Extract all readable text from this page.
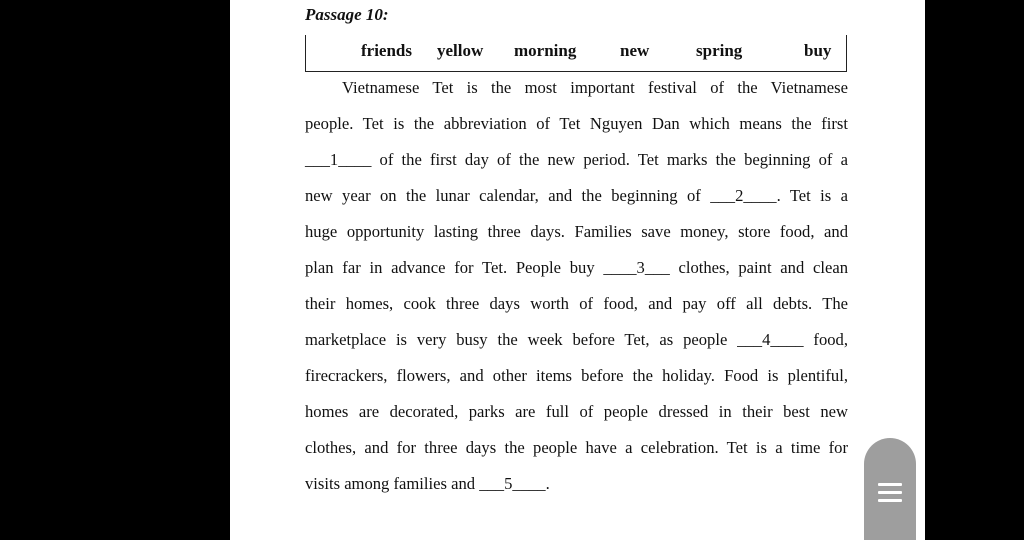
Passage 10:
friends yellow morning	new	spring	buy
Vietnamese Tet is the most important festival of the Vietnamese
people. Tet is the abbreviation of Tet Nguyen Dan which means the first
___1____ of the first day of the new period. Tet marks the beginning of a
new year on the lunar calendar, and the beginning of ___2____. Tet is a
huge opportunity lasting three days. Families save money, store food, and
plan far in advance for Tet. People buy ____3___ clothes, paint and clean
their homes, cook three days worth of food, and pay off all debts. The
marketplace is very busy the week before Tet, as people ___4____ food,
firecrackers, flowers, and other items before the holiday. Food is plentiful,
homes are decorated, parks are full of people dressed in their best new
clothes, and for three days the people have a celebration. Tet is a time for
visits among families and ___5____.
